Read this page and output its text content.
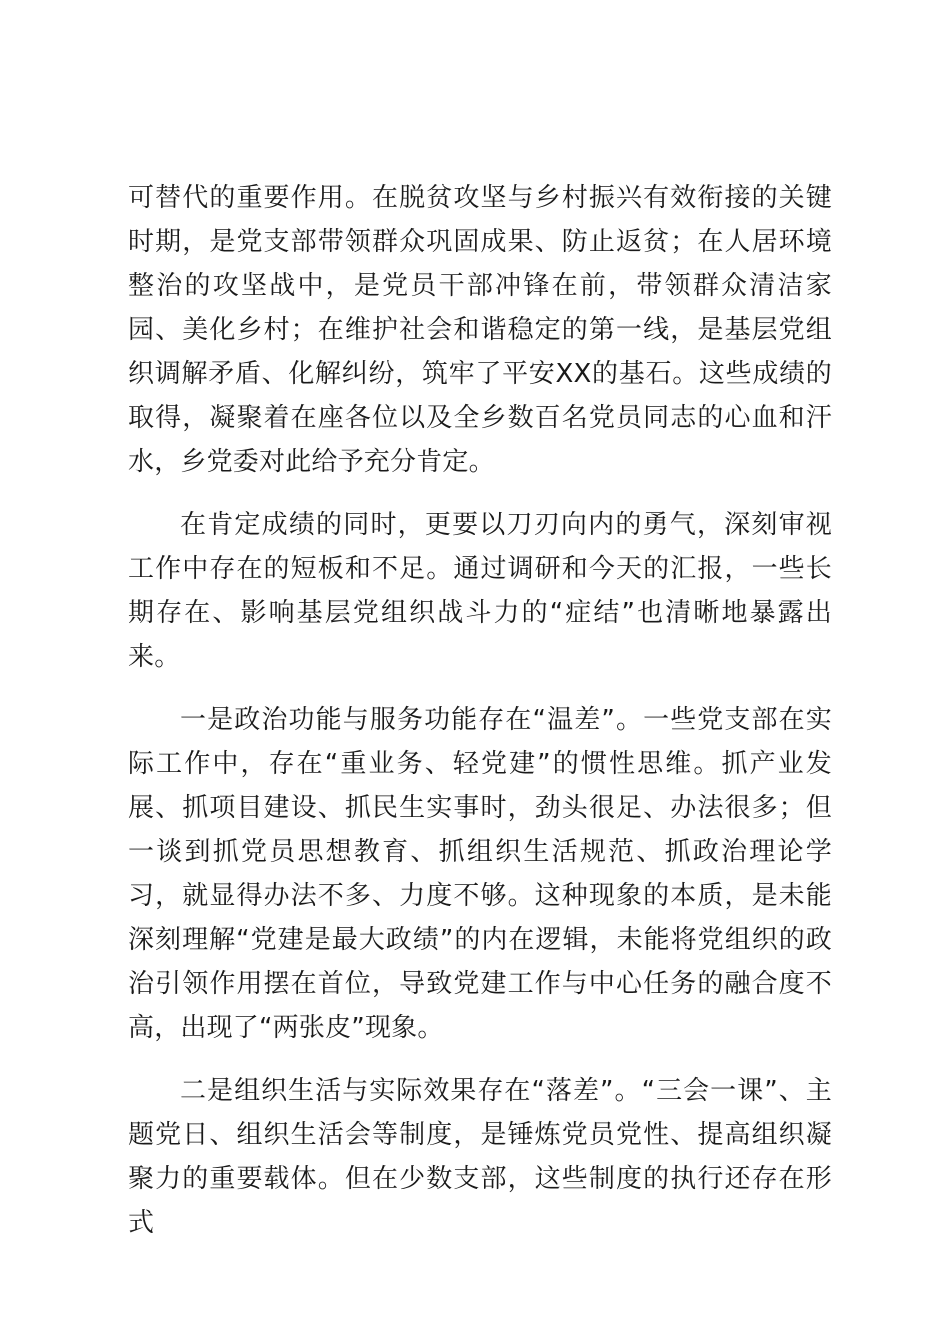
可替代的重要作用。在脱贫攻坚与乡村振兴有效衔接的关键时期，是党支部带领群众巩固成果、防止返贫；在人居环境整治的攻坚战中，是党员干部冲锋在前，带领群众清洁家园、美化乡村；在维护社会和谐稳定的第一线，是基层党组织调解矛盾、化解纠纷，筑牢了平安XX的基石。这些成绩的取得，凝聚着在座各位以及全乡数百名党员同志的心血和汗水，乡党委对此给予充分肯定。

在肯定成绩的同时，更要以刀刃向内的勇气，深刻审视工作中存在的短板和不足。通过调研和今天的汇报，一些长期存在、影响基层党组织战斗力的“症结”也清晰地暴露出来。

一是政治功能与服务功能存在“温差”。一些党支部在实际工作中，存在“重业务、轻党建”的惯性思维。抓产业发展、抓项目建设、抓民生实事时，劲头很足、办法很多；但一谈到抓党员思想教育、抓组织生活规范、抓政治理论学习，就显得办法不多、力度不够。这种现象的本质，是未能深刻理解“党建是最大政绩”的内在逻辑，未能将党组织的政治引领作用摆在首位，导致党建工作与中心任务的融合度不高，出现了“两张皮”现象。

二是组织生活与实际效果存在“落差”。“三会一课”、主题党日、组织生活会等制度，是锤炼党员党性、提高组织凝聚力的重要载体。但在少数支部，这些制度的执行还存在形式
